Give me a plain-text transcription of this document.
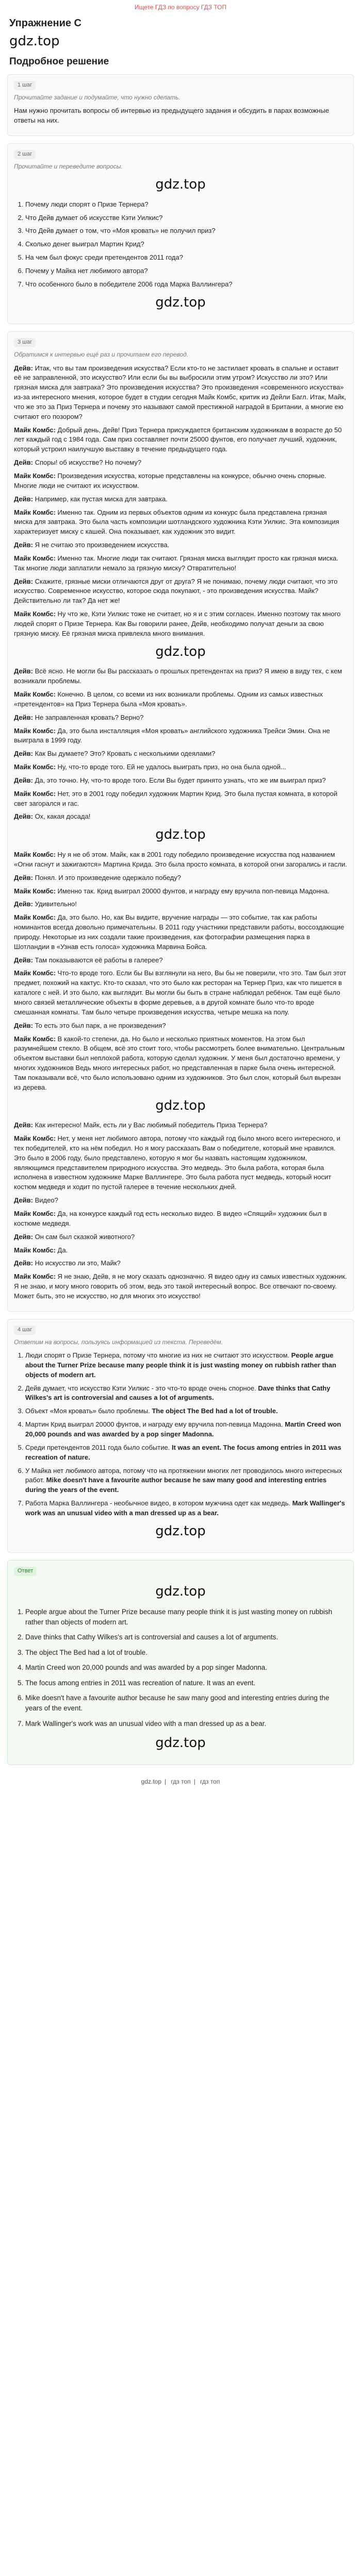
Ищете ГДЗ по вопросу ГДЗ ТОП
Упражнение C
gdz.top
Подробное решение
1 шаг
Прочитайте задание и подумайте, что нужно сделать.

Нам нужно прочитать вопросы об интервью из предыдущего задания и обсудить в парах возможные ответы на них.

2 шаг
Прочитайте и переведите вопросы.
gdz.top
1. Почему люди спорят о Призе Тернера?
2. Что Дейв думает об искусстве Кэти Уилкис?
3. Что Дейв думает о том, что «Моя кровать» не получил приз?
4. Сколько денег выиграл Мартин Крид?
5. На чем был фокус среди претендентов 2011 года?
6. Почему у Майка нет любимого автора?
7. Что особенного было в победителе 2006 года Марка Валлингера?
gdz.top
3 шаг
Обратимся к интервью ещё раз и прочитаем его перевод.

Дейв: Итак, что вы там произведения искусства? Если кто-то не застилает кровать в спальне и оставит её не заправленной, это искусство? Или если бы вы выбросили этим утром? Искусство ли это? Или грязная миска для завтрака? Это произведения искусства? Это произведения «современного искусства» из-за интересного мнения, которое будет в студии сегодня Майк Комбс, критик из Дейли Багл. Итак, Майк, что же это за Приз Тернера и почему это называют самой престижной наградой в Британии, а многие ею считают его позором?

Майк Комбс: Добрый день, Дейв! Приз Тернера присуждается британским художникам в возрасте до 50 лет каждый год с 1984 года. Сам приз составляет почти 25000 фунтов, его получает лучший, художник, который устроил наилучшую выставку в течение предыдущего года.

Дейв: Споры! об искусстве? Но почему?

Майк Комбс: Произведения искусства, которые представлены на конкурсе, обычно очень спорные. Многие люди не считают их искусством.

Дейв: Например, как пустая миска для завтрака.

Майк Комбс: Именно так. Одним из первых объектов одним из конкурс была представлена грязная миска для завтрака. Это была часть композиции шотландского художника Кэти Уилкис. Эта композиция характеризует миску с кашей. Она показывает, как художник это видит.

Дейв: Я не считаю это произведением искусства.

Майк Комбс: Именно так. Многие люди так считают. Грязная миска выглядит просто как грязная миска. Так многие люди заплатили немало за грязную миску? Отвратительно!

Дейв: Скажите, грязные миски отличаются друг от друга? Я не понимаю, почему люди считают, что это искусство. Современное искусство, которое сюда покупают, - это произведения искусства. Майк? Действительно ли так? Да нет же!

Майк Комбс: Ну что же, Кэти Уилкис тоже не считает, но я и с этим согласен. Именно поэтому так много людей спорят о Призе Тернера. Как Вы говорили ранее, Дейв, необходимо получат деньги за свою грязную миску. Её грязная миска привлекла много внимания.

gdz.top

Дейв: Всё ясно. Не могли бы Вы рассказать о прошлых претендентах на приз? Я имею в виду тех, с кем возникали проблемы.

Майк Комбс: Конечно. В целом, со всеми из них возникали проблемы. Одним из самых известных «претендентов» на Приз Тернера была «Моя кровать».

Дейв: Не заправленная кровать? Верно?

Майк Комбс: Да, это была инсталляция «Моя кровать» английского художника Трейси Эмин. Она не выиграла в 1999 году.

Дейв: Как Вы думаете? Это? Кровать с несколькими одеялами?

Майк Комбс: Ну, что-то вроде того. Ей не удалось выиграть приз, но она была одной...

Дейв: Да, это точно. Ну, что-то вроде того. Если Вы будет принято узнать, что же им выиграл приз?

Майк Комбс: Нет, это в 2001 году победил художник Мартин Крид. Это была пустая комната, в которой свет загорался и гас.

Дейв: Ох, какая досада!

gdz.top

Майк Комбс: Ну я не об этом. Майк, как в 2001 году победило произведение искусства под названием «Огни гаснут и зажигаются» Мартина Крида. Это была просто комната, в которой огни загорались и гасли.

Дейв: Понял. И это произведение одержало победу?

Майк Комбс: Именно так. Крид выиграл 20000 фунтов, и награду ему вручила поп-певица Мадонна.

Дейв: Удивительно!

Майк Комбс: Да, это было. Но, как Вы видите, вручение награды — это событие, так как работы номинантов всегда довольно примечательны. В 2011 году участники представили работы, воссоздающие природу. Некоторые из них создали такие произведения, как фотографии размещения парка в Шотландии в «Узнав есть голоса» художника Марвина Бойса.

Дейв: Там показываются её работы в галерее?

Майк Комбс: Что-то вроде того. Если бы Вы взглянули на него, Вы бы не поверили, что это. Там был этот предмет, похожий на кактус. Кто-то сказал, что это было как ресторан на Тернер Приз, как что пишется в каталоге с ней. И это было, как выглядит. Вы могли бы быть в стране наблюдал ребёнок. Там ещё было много связей металлические объекты в форме деревьев, а в другой комнате было что-то вроде смешанная комнаты. Там было четыре произведения искусства, четыре мешка на полу.

Дейв: То есть это был парк, а не произведения?

Майк Комбс: В какой-то степени, да. Но было и несколько приятных моментов. На этом был разумнейшем стекло. В общем, всё это стоит того, чтобы рассмотреть более внимательно. Центральным объектом выставки был неплохой работа, которую сделал художник. У меня был достаточно времени, у многих художников Ведь много интересных работ, но представленная в парке была очень интересной. Там показывали всё, что было использовано одним из художников. Это был слон, который был вырезан из дерева.

gdz.top

Дейв: Как интересно! Майк, есть ли у Вас любимый победитель Приза Тернера?

Майк Комбс: Нет, у меня нет любимого автора, потому что каждый год было много всего интересного, и тех победителей, кто на нём победил. Но я могу рассказать Вам о победителе, который мне нравился. Это было в 2006 году, было представлено, которую я мог бы назвать настоящим художником, являющимся представителем природного искусства. Это медведь. Это была работа, которая была исполнена в известном художнике Марке Валлингере. Это была работа пуст медведь, который носит костюм медведя и ходит по пустой галерее в течение нескольких дней.

Дейв: Видео?

Майк Комбс: Да, на конкурсе каждый год есть несколько видео. В видео «Спящий» художник был в костюме медведя.

Дейв: Он сам был сказкой животного?

Майк Комбс: Да.

Дейв: Но искусство ли это, Майк?

Майк Комбс: Я не знаю, Дейв, я не могу сказать однозначно. Я видео одну из самых известных художник. Я не знаю, и могу много говорить об этом, ведь это такой интересный вопрос. Все отвечают по-своему. Может быть, это не искусство, но для многих это искусство!

4 шаг
Ответим на вопросы, пользуясь информацией из текста. Переведём.
1. Люди спорят о Призе Тернера, потому что многие из них не считают это искусством. People argue about the Turner Prize because many people think it is just wasting money on rubbish rather than objects of modern art.
2. Дейв думает, что искусство Кэти Уилкис - это что-то вроде очень спорное. Dave thinks that Cathy Wilkes's art is controversial and causes a lot of arguments.
3. Объект «Моя кровать» было проблемы. The object The Bed had a lot of trouble.
4. Мартин Крид выиграл 20000 фунтов, и награду ему вручила поп-певица Мадонна. Martin Creed won 20,000 pounds and was awarded by a pop singer Madonna.
5. Среди претендентов 2011 года было событие. It was an event. The focus among entries in 2011 was recreation of nature.
6. У Майка нет любимого автора, потому что на протяжении многих лет проводилось много интересных работ. Mike doesn't have a favourite author because he saw many good and interesting entries during the years of the event.
7. Работа Марка Валлингера - необычное видео, в котором мужчина одет как медведь. Mark Wallinger's work was an unusual video with a man dressed up as a bear.
gdz.top
Ответ
gdz.top
1. People argue about the Turner Prize because many people think it is just wasting money on rubbish rather than objects of modern art.
2. Dave thinks that Cathy Wilkes's art is controversial and causes a lot of arguments.
3. The object The Bed had a lot of trouble.
4. Martin Creed won 20,000 pounds and was awarded by a pop singer Madonna.
5. The focus among entries in 2011 was recreation of nature. It was an event.
6. Mike doesn't have a favourite author because he saw many good and interesting entries during the years of the event.
7. Mark Wallinger's work was an unusual video with a man dressed up as a bear.
gdz.top
gdz.top | гдз топ | гдз топ
